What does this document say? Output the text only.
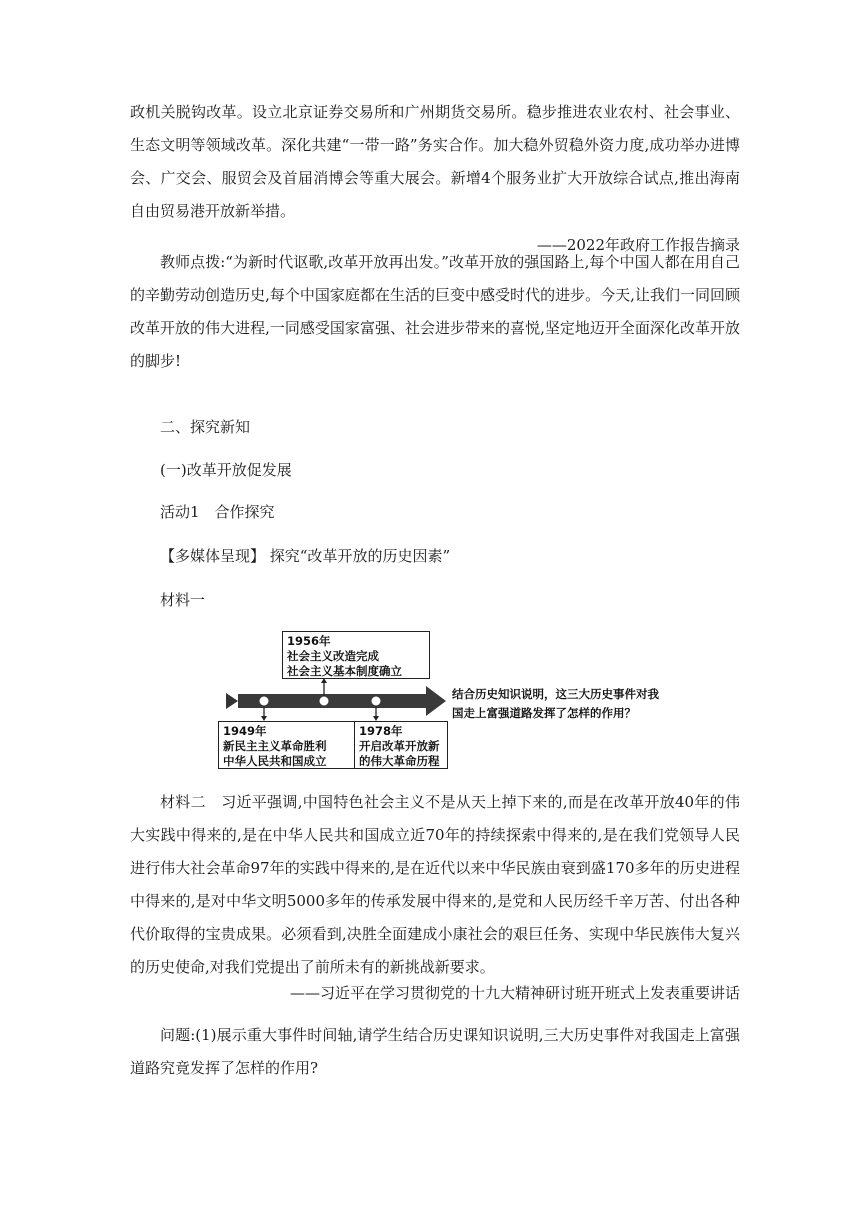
政机关脱钩改革。设立北京证券交易所和广州期货交易所。稳步推进农业农村、社会事业、生态文明等领域改革。深化共建“一带一路”务实合作。加大稳外贸稳外资力度,成功举办进博会、广交会、服贸会及首届消博会等重大展会。新增4个服务业扩大开放综合试点,推出海南自由贸易港开放新举措。

——2022年政府工作报告摘录

教师点拨:“为新时代讴歌,改革开放再出发。”改革开放的强国路上,每个中国人都在用自己的辛勤劳动创造历史,每个中国家庭都在生活的巨变中感受时代的进步。今天,让我们一同回顾改革开放的伟大进程,一同感受国家富强、社会进步带来的喜悦,坚定地迈开全面深化改革开放的脚步!

二、探究新知

(一)改革开放促发展

活动1　合作探究

【多媒体呈现】 探究“改革开放的历史因素”

材料一

1956年
社会主义改造完成
社会主义基本制度确立
1949年
新民主主义革命胜利
中华人民共和国成立
1978年
开启改革开放新
的伟大革命历程
结合历史知识说明，这三大历史事件对我
国走上富强道路发挥了怎样的作用？

材料二　习近平强调,中国特色社会主义不是从天上掉下来的,而是在改革开放40年的伟大实践中得来的,是在中华人民共和国成立近70年的持续探索中得来的,是在我们党领导人民进行伟大社会革命97年的实践中得来的,是在近代以来中华民族由衰到盛170多年的历史进程中得来的,是对中华文明5000多年的传承发展中得来的,是党和人民历经千辛万苦、付出各种代价取得的宝贵成果。必须看到,决胜全面建成小康社会的艰巨任务、实现中华民族伟大复兴的历史使命,对我们党提出了前所未有的新挑战新要求。

——习近平在学习贯彻党的十九大精神研讨班开班式上发表重要讲话

问题:(1)展示重大事件时间轴,请学生结合历史课知识说明,三大历史事件对我国走上富强道路究竟发挥了怎样的作用?
